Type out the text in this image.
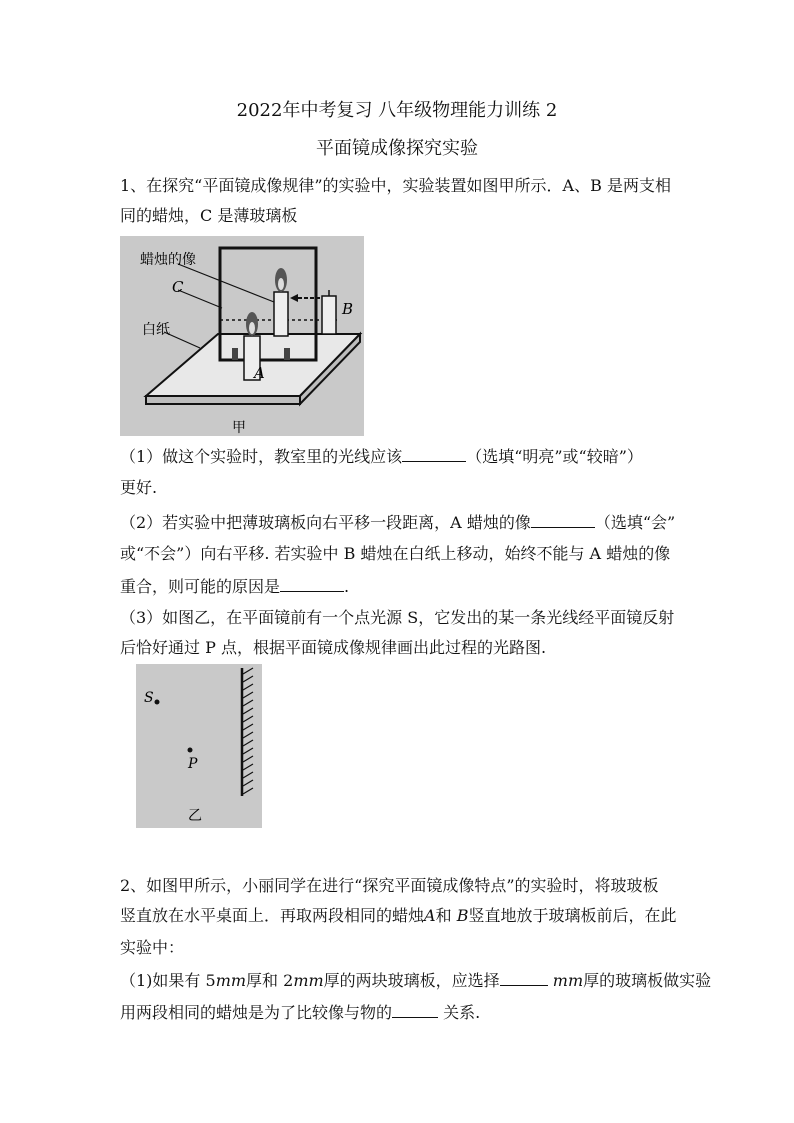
2022年中考复习 八年级物理能力训练 2
平面镜成像探究实验
1、在探究“平面镜成像规律”的实验中，实验装置如图甲所示．A、B 是两支相
同的蜡烛，C 是薄玻璃板
蜡烛的像
C
白纸
A
B
甲
（1）做这个实验时，教室里的光线应该	（选填“明亮”或“较暗”）
更好.
（2）若实验中把薄玻璃板向右平移一段距离，A 蜡烛的像	（选填“会”
或“不会”）向右平移. 若实验中 B 蜡烛在白纸上移动，始终不能与 A 蜡烛的像
重合，则可能的原因是	.
（3）如图乙，在平面镜前有一个点光源 S，它发出的某一条光线经平面镜反射
后恰好通过 P 点，根据平面镜成像规律画出此过程的光路图.
S
P
乙
2、如图甲所示，小丽同学在进行“探究平面镜成像特点”的实验时，将玻玻板
竖直放在水平桌面上．再取两段相同的蜡烛A和 B竖直地放于玻璃板前后，在此
实验中：
（1)如果有 5mm厚和 2mm厚的两块玻璃板，应选择	mm厚的玻璃板做实验
用两段相同的蜡烛是为了比较像与物的	关系.
